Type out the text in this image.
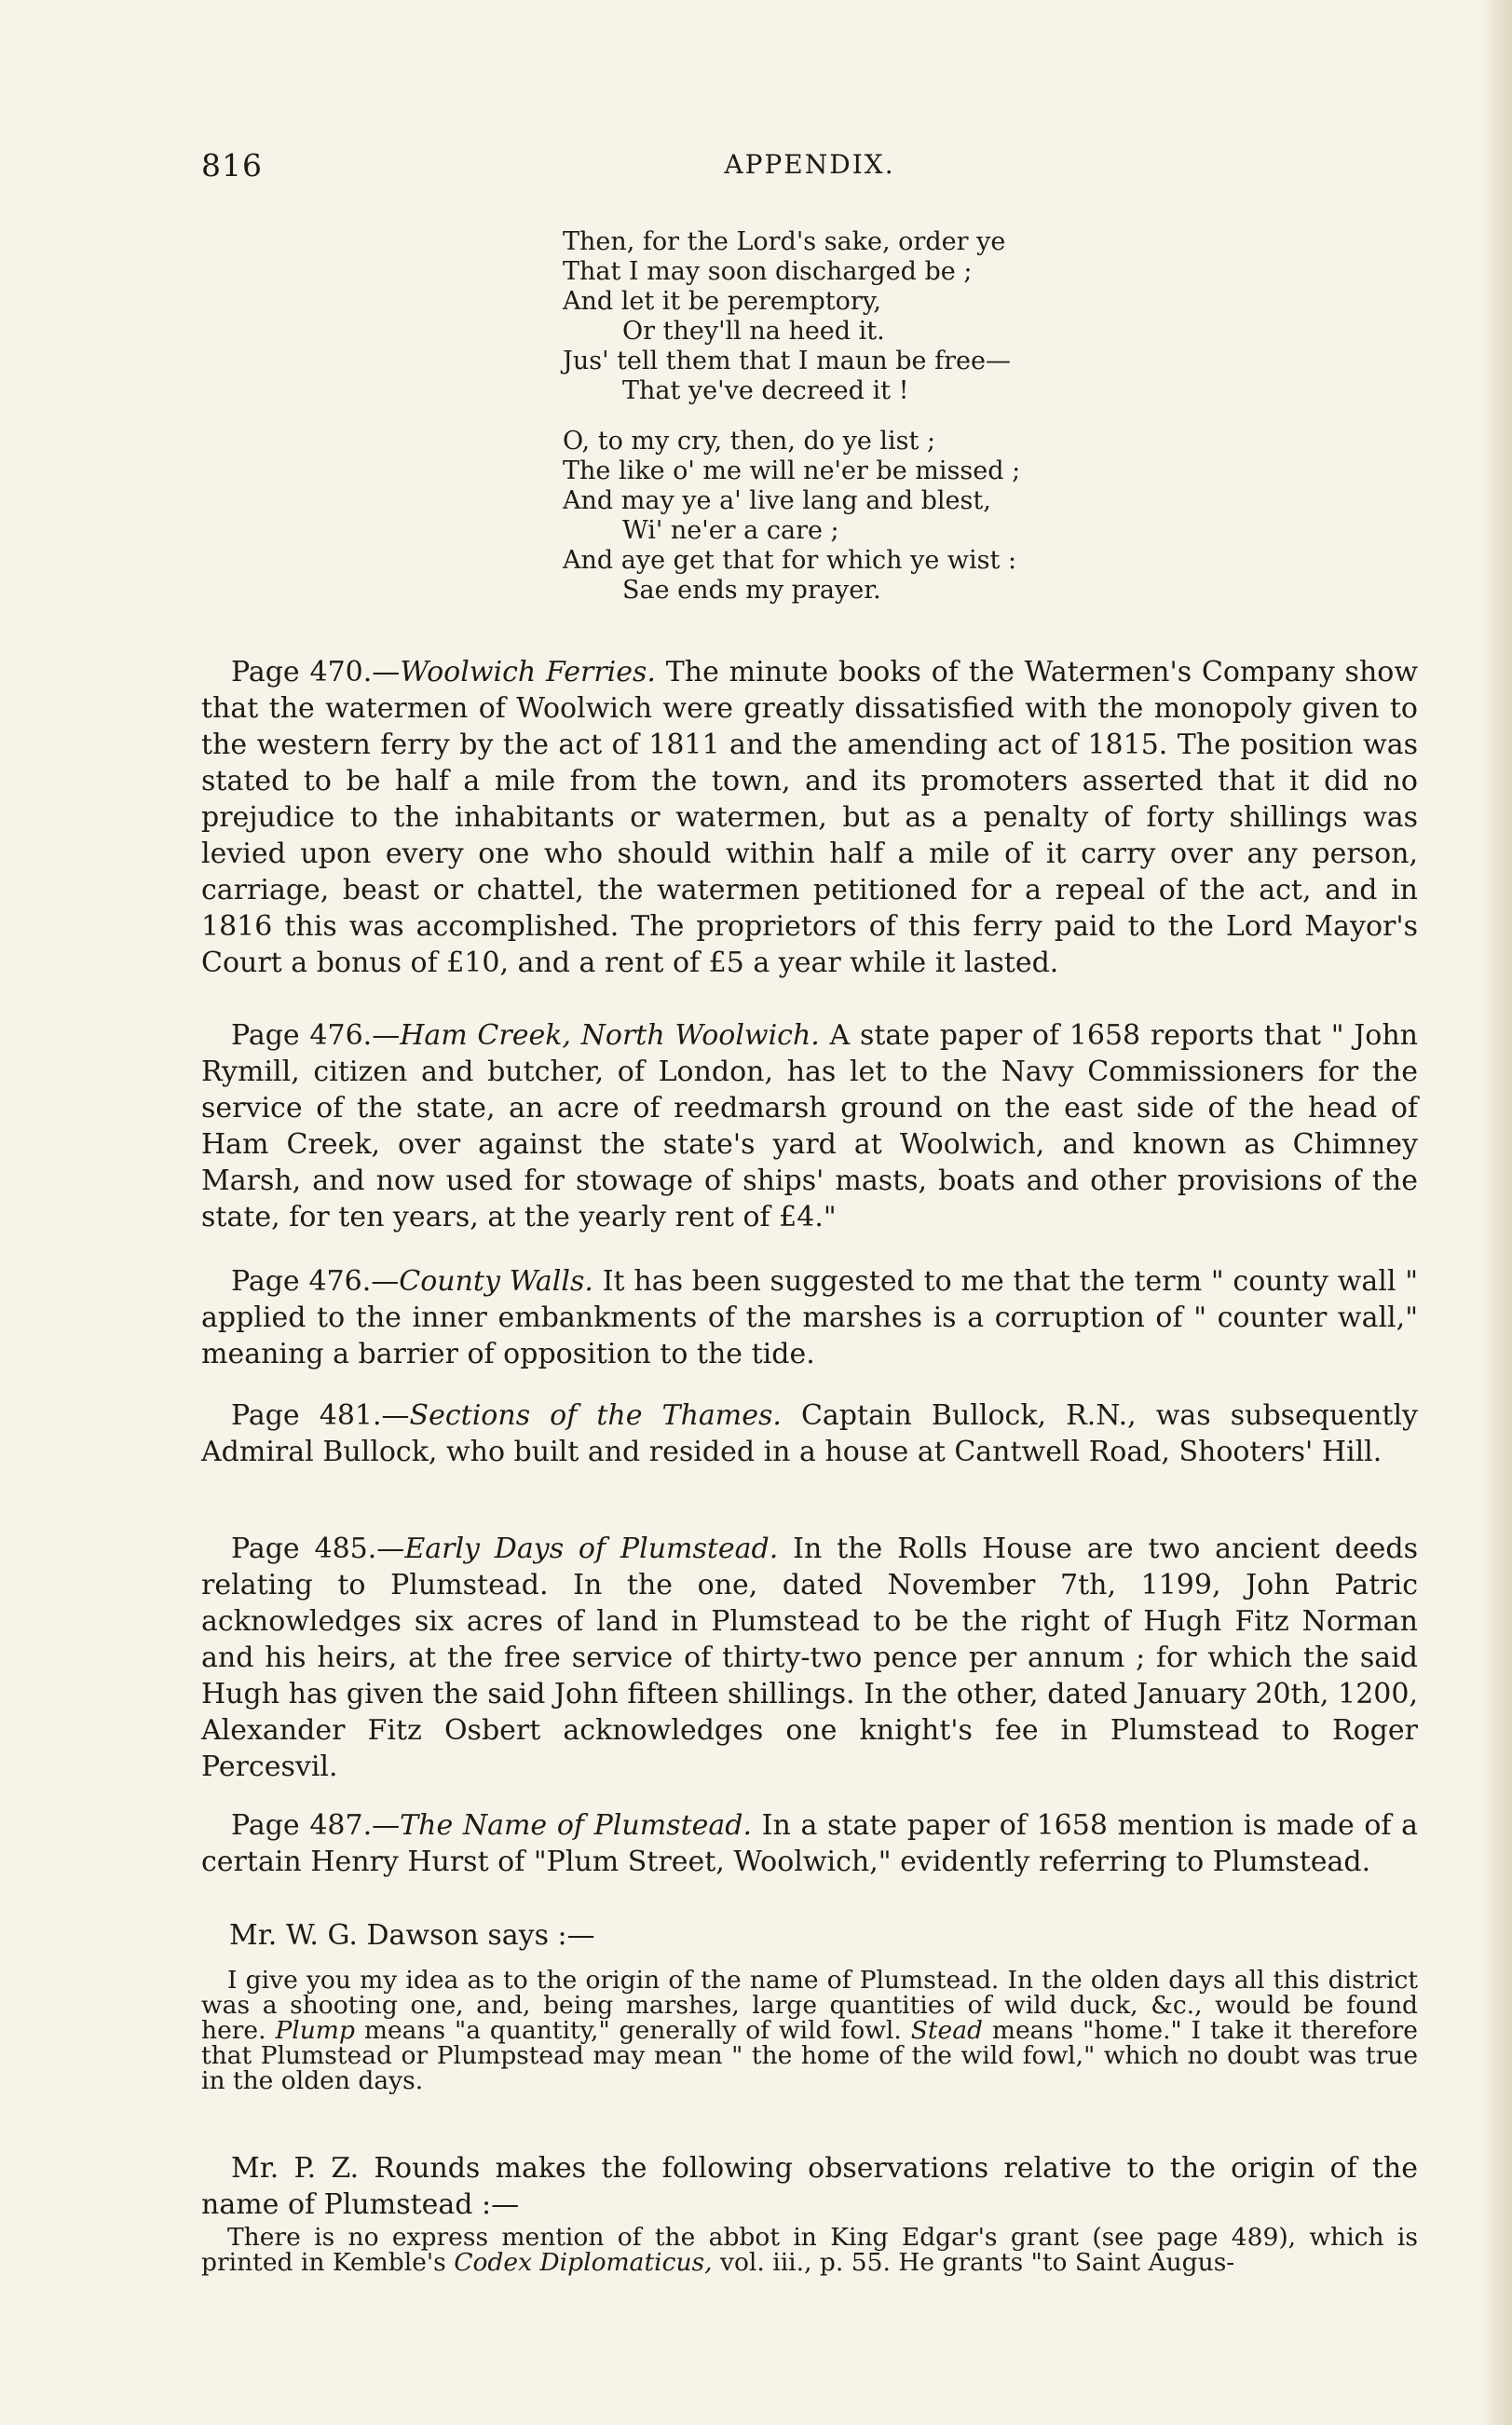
816	APPENDIX.
Then, for the Lord's sake, order ye
That I may soon discharged be ;
And let it be peremptory,
Or they'll na heed it.
Jus' tell them that I maun be free—
That ye've decreed it !
O, to my cry, then, do ye list ;
The like o' me will ne'er be missed ;
And may ye a' live lang and blest,
Wi' ne'er a care ;
And aye get that for which ye wist :
Sae ends my prayer.

Page 470.—Woolwich Ferries. The minute books of the Watermen's Company show that the watermen of Woolwich were greatly dissatisfied with the monopoly given to the western ferry by the act of 1811 and the amending act of 1815. The position was stated to be half a mile from the town, and its promoters asserted that it did no prejudice to the inhabitants or watermen, but as a penalty of forty shillings was levied upon every one who should within half a mile of it carry over any person, carriage, beast or chattel, the watermen petitioned for a repeal of the act, and in 1816 this was accomplished. The proprietors of this ferry paid to the Lord Mayor's Court a bonus of £10, and a rent of £5 a year while it lasted.

Page 476.—Ham Creek, North Woolwich. A state paper of 1658 reports that " John Rymill, citizen and butcher, of London, has let to the Navy Commissioners for the service of the state, an acre of reedmarsh ground on the east side of the head of Ham Creek, over against the state's yard at Woolwich, and known as Chimney Marsh, and now used for stowage of ships' masts, boats and other provisions of the state, for ten years, at the yearly rent of £4."

Page 476.—County Walls. It has been suggested to me that the term " county wall " applied to the inner embankments of the marshes is a corruption of " counter wall," meaning a barrier of opposition to the tide.

Page 481.—Sections of the Thames. Captain Bullock, R.N., was subsequently Admiral Bullock, who built and resided in a house at Cantwell Road, Shooters' Hill.

Page 485.—Early Days of Plumstead. In the Rolls House are two ancient deeds relating to Plumstead. In the one, dated November 7th, 1199, John Patric acknowledges six acres of land in Plumstead to be the right of Hugh Fitz Norman and his heirs, at the free service of thirty-two pence per annum ; for which the said Hugh has given the said John fifteen shillings. In the other, dated January 20th, 1200, Alexander Fitz Osbert acknowledges one knight's fee in Plumstead to Roger Percesvil.

Page 487.—The Name of Plumstead. In a state paper of 1658 mention is made of a certain Henry Hurst of "Plum Street, Woolwich," evidently referring to Plumstead.

Mr. W. G. Dawson says :—

I give you my idea as to the origin of the name of Plumstead. In the olden days all this district was a shooting one, and, being marshes, large quantities of wild duck, &c., would be found here. Plump means "a quantity," generally of wild fowl. Stead means "home." I take it therefore that Plumstead or Plumpstead may mean " the home of the wild fowl," which no doubt was true in the olden days.

Mr. P. Z. Rounds makes the following observations relative to the origin of the name of Plumstead :—

There is no express mention of the abbot in King Edgar's grant (see page 489), which is printed in Kemble's Codex Diplomaticus, vol. iii., p. 55. He grants "to Saint Augus-
